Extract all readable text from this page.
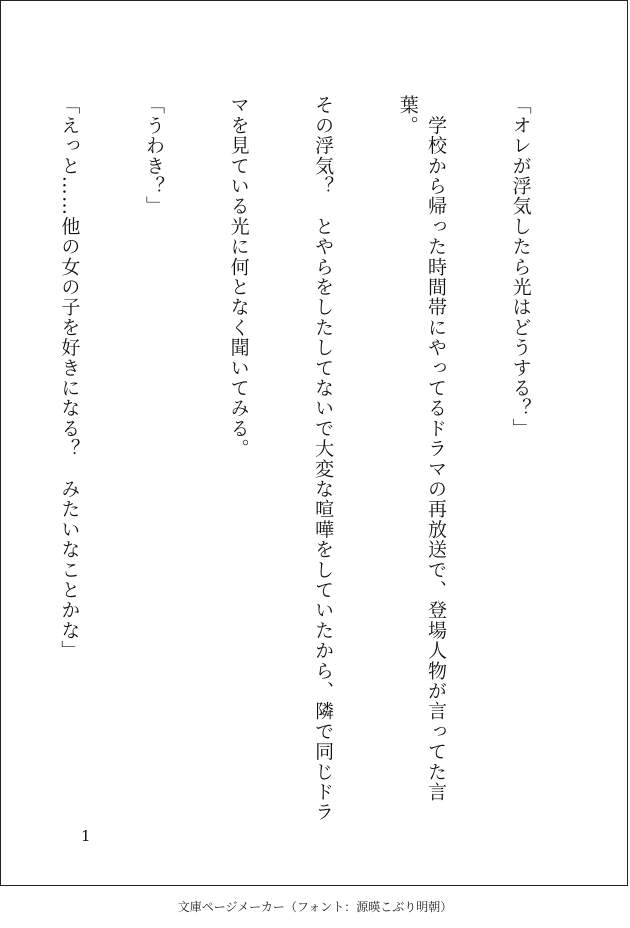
「オレが浮気したら光はどうする？」

　学校から帰った時間帯にやってるドラマの再放送で、登場人物が言ってた言葉。

その浮気？　とやらをしたしてないで大変な喧嘩をしていたから、隣で同じドラ

マを見ている光に何となく聞いてみる。

「うわき？」

「えっと……他の女の子を好きになる？　みたいなことかな」

1
文庫ページメーカー（フォント：源暎こぶり明朝）
